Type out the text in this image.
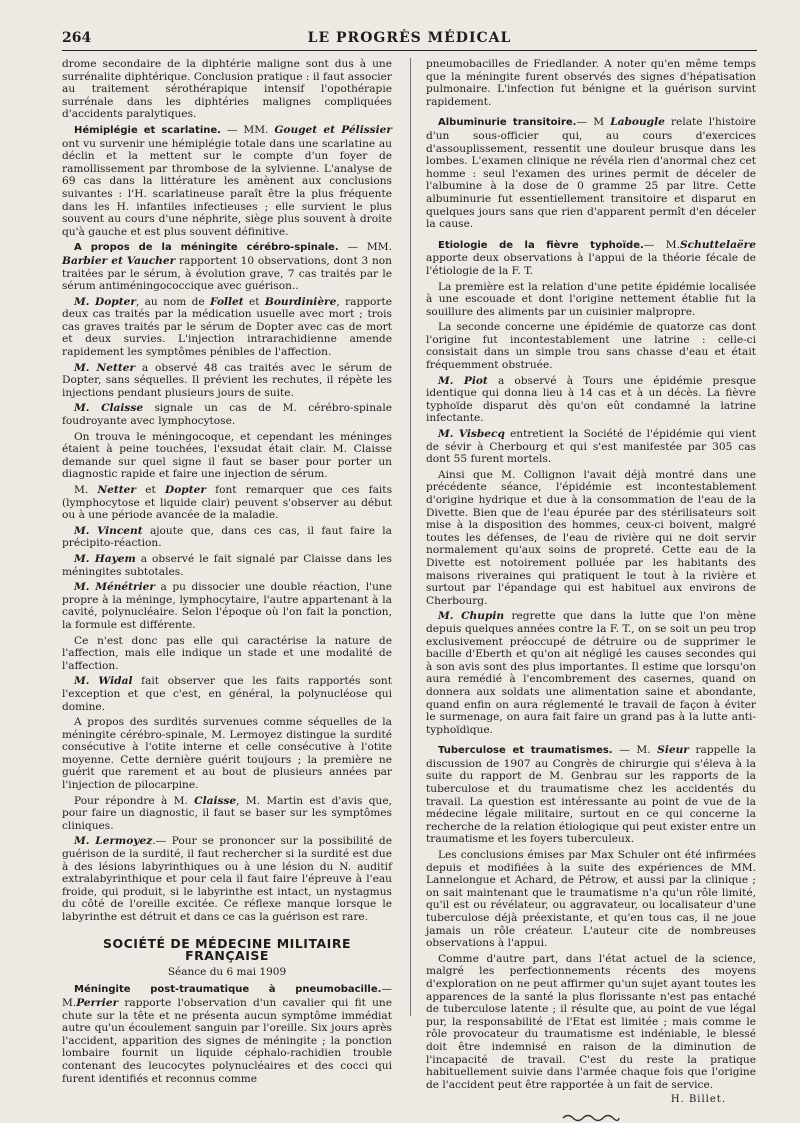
264	LE PROGRÈS MÉDICAL

drome secondaire de la diphtérie maligne sont dus à une surrénalite diphtérique. Conclusion pratique : il faut associer au traitement sérothérapique intensif l'opothérapie surrénale dans les diphtéries malignes compliquées d'accidents paralytiques.

Hémiplégie et scarlatine. — MM. Gouget et Pélissier ont vu survenir une hémiplégie totale dans une scarlatine au déclin et la mettent sur le compte d'un foyer de ramollissement par thrombose de la sylvienne. L'analyse de 69 cas dans la littérature les amènent aux conclusions suivantes : l'H. scarlatineuse paraît être la plus fréquente dans les H. infantiles infectieuses ; elle survient le plus souvent au cours d'une néphrite, siège plus souvent à droite qu'à gauche et est plus souvent définitive.

A propos de la méningite cérébro-spinale. — MM. Barbier et Vaucher rapportent 10 observations, dont 3 non traitées par le sérum, à évolution grave, 7 cas traités par le sérum antiméningococcique avec guérison..

M. Dopter, au nom de Follet et Bourdinière, rapporte deux cas traités par la médication usuelle avec mort ; trois cas graves traités par le sérum de Dopter avec cas de mort et deux survies. L'injection intrarachidienne amende rapidement les symptômes pénibles de l'affection.

M. Netter a observé 48 cas traités avec le sérum de Dopter, sans séquelles. Il prévient les rechutes, il répète les injections pendant plusieurs jours de suite.

M. Claisse signale un cas de M. cérébro-spinale foudroyante avec lymphocytose.

On trouva le méningocoque, et cependant les méninges étaient à peine touchées, l'exsudat était clair. M. Claisse demande sur quel signe il faut se baser pour porter un diagnostic rapide et faire une injection de sérum.

M. Netter et Dopter font remarquer que ces faits (lymphocytose et liquide clair) peuvent s'observer au début ou à une période avancée de la maladie.

M. Vincent ajoute que, dans ces cas, il faut faire la précipito-réaction.

M. Hayem a observé le fait signalé par Claisse dans les méningites subtotales.

M. Ménétrier a pu dissocier une double réaction, l'une propre à la méninge, lymphocytaire, l'autre appartenant à la cavité, polynucléaire. Selon l'époque où l'on fait la ponction, la formule est différente.

Ce n'est donc pas elle qui caractérise la nature de l'affection, mais elle indique un stade et une modalité de l'affection.

M. Widal fait observer que les faits rapportés sont l'exception et que c'est, en général, la polynucléose qui domine.

A propos des surdités survenues comme séquelles de la méningite cérébro-spinale, M. Lermoyez distingue la surdité consécutive à l'otite interne et celle consécutive à l'otite moyenne. Cette dernière guérit toujours ; la première ne guérit que rarement et au bout de plusieurs années par l'injection de pilocarpine.

Pour répondre à M. Claisse, M. Martin est d'avis que, pour faire un diagnostic, il faut se baser sur les symptômes cliniques.

M. Lermoyez.— Pour se prononcer sur la possibilité de guérison de la surdité, il faut rechercher si la surdité est due à des lésions labyrinthiques ou à une lésion du N. auditif extralabyrinthique et pour cela il faut faire l'épreuve à l'eau froide, qui produit, si le labyrinthe est intact, un nystagmus du côté de l'oreille excitée. Ce réflexe manque lorsque le labyrinthe est détruit et dans ce cas la guérison est rare.

SOCIÉTÉ DE MÉDECINE MILITAIRE FRANÇAISE

Séance du 6 mai 1909

Méningite post-traumatique à pneumobacille.—M.Perrier rapporte l'observation d'un cavalier qui fit une chute sur la tête et ne présenta aucun symptôme immédiat autre qu'un écoulement sanguin par l'oreille. Six jours après l'accident, apparition des signes de méningite ; la ponction lombaire fournit un liquide céphalo-rachidien trouble contenant des leucocytes polynucléaires et des cocci qui furent identifiés et reconnus comme

pneumobacilles de Friedlander. A noter qu'en même temps que la méningite furent observés des signes d'hépatisation pulmonaire. L'infection fut bénigne et la guérison survint rapidement.

Albuminurie transitoire.— M Labougle relate l'histoire d'un sous-officier qui, au cours d'exercices d'assouplissement, ressentit une douleur brusque dans les lombes. L'examen clinique ne révéla rien d'anormal chez cet homme : seul l'examen des urines permit de déceler de l'albumine à la dose de 0 gramme 25 par litre. Cette albuminurie fut essentiellement transitoire et disparut en quelques jours sans que rien d'apparent permît d'en déceler la cause.

Etiologie de la fièvre typhoïde.— M.Schuttelaëre apporte deux observations à l'appui de la théorie fécale de l'étiologie de la F. T.

La première est la relation d'une petite épidémie localisée à une escouade et dont l'origine nettement établie fut la souillure des aliments par un cuisinier malpropre.

La seconde concerne une épidémie de quatorze cas dont l'origine fut incontestablement une latrine : celle-ci consistait dans un simple trou sans chasse d'eau et était fréquemment obstruée.

M. Piot a observé à Tours une épidémie presque identique qui donna lieu à 14 cas et à un décès. La fièvre typhoïde disparut dès qu'on eût condamné la latrine infectante.

M. Visbecq entretient la Société de l'épidémie qui vient de sévir à Cherbourg et qui s'est manifestée par 305 cas dont 55 furent mortels.

Ainsi que M. Collignon l'avait déjà montré dans une précédente séance, l'épidémie est incontestablement d'origine hydrique et due à la consommation de l'eau de la Divette. Bien que de l'eau épurée par des stérilisateurs soit mise à la disposition des hommes, ceux-ci boivent, malgré toutes les défenses, de l'eau de rivière qui ne doit servir normalement qu'aux soins de propreté. Cette eau de la Divette est notoirement polluée par les habitants des maisons riveraines qui pratiquent le tout à la rivière et surtout par l'épandage qui est habituel aux environs de Cherbourg.

M. Chupin regrette que dans la lutte que l'on mène depuis quelques années contre la F. T., on se soit un peu trop exclusivement préoccupé de détruire ou de supprimer le bacille d'Eberth et qu'on ait négligé les causes secondes qui à son avis sont des plus importantes. Il estime que lorsqu'on aura remédié à l'encombrement des casernes, quand on donnera aux soldats une alimentation saine et abondante, quand enfin on aura réglementé le travail de façon à éviter le surmenage, on aura fait faire un grand pas à la lutte anti-typhoïdique.

Tuberculose et traumatismes. — M. Sieur rappelle la discussion de 1907 au Congrès de chirurgie qui s'éleva à la suite du rapport de M. Genbrau sur les rapports de la tuberculose et du traumatisme chez les accidentés du travail. La question est intéressante au point de vue de la médecine légale militaire, surtout en ce qui concerne la recherche de la relation étiologique qui peut exister entre un traumatisme et les foyers tuberculeux.

Les conclusions émises par Max Schuler ont été infirmées depuis et modifiées à la suite des expériences de MM. Lannelongue et Achard, de Pétrow, et aussi par la clinique ; on sait maintenant que le traumatisme n'a qu'un rôle limité, qu'il est ou révélateur, ou aggravateur, ou localisateur d'une tuberculose déjà préexistante, et qu'en tous cas, il ne joue jamais un rôle créateur. L'auteur cite de nombreuses observations à l'appui.

Comme d'autre part, dans l'état actuel de la science, malgré les perfectionnements récents des moyens d'exploration on ne peut affirmer qu'un sujet ayant toutes les apparences de la santé la plus florissante n'est pas entaché de tuberculose latente ; il résulte que, au point de vue légal pur, la responsabilité de l'Etat est limitée ; mais comme le rôle provocateur du traumatisme est indéniable, le blessé doit être indemnisé en raison de la diminution de l'incapacité de travail. C'est du reste la pratique habituellement suivie dans l'armée chaque fois que l'origine de l'accident peut être rapportée à un fait de service.

H. Billet.
